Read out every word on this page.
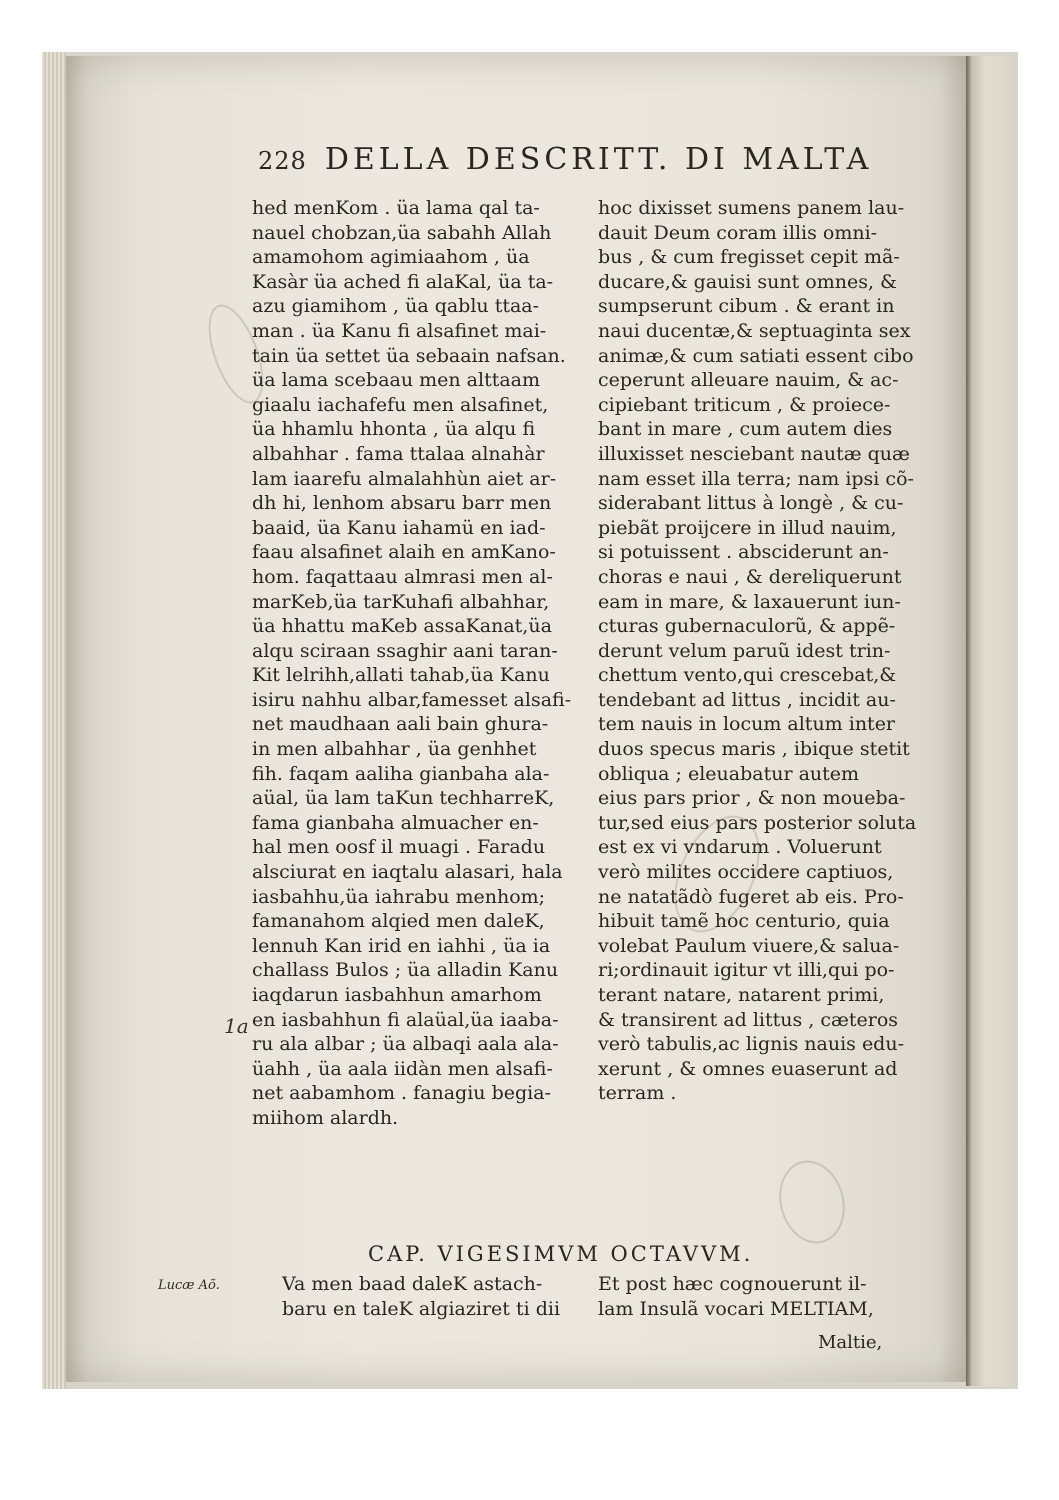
228 DELLA DESCRITT. DI MALTA
hed menKom . üa lama qal ta-
nauel chobzan,üa sabahh Allah
amamohom agimiaahom , üa
Kasàr üa ached fi alaKal, üa ta-
azu giamihom , üa qablu ttaa-
man . üa Kanu fi alsafinet mai-
tain üa settet üa sebaain nafsan.
üa lama scebaau men alttaam
giaalu iachafefu men alsafinet,
üa hhamlu hhonta , üa alqu fi
albahhar . fama ttalaa alnahàr
lam iaarefu almalahhùn aiet ar-
dh hi, lenhom absaru barr men
baaid, üa Kanu iahamü en iad-
faau alsafinet alaih en amKano-
hom. faqattaau almrasi men al-
marKeb,üa tarKuhafi albahhar,
üa hhattu maKeb assaKanat,üa
alqu sciraan ssaghir aani taran-
Kit lelrihh,allati tahab,üa Kanu
isiru nahhu albar,famesset alsafi-
net maudhaan aali bain ghura-
in men albahhar , üa genhhet
fih. faqam aaliha gianbaha ala-
aüal, üa lam taKun techharreK,
fama gianbaha almuacher en-
hal men oosf il muagi . Faradu
alsciurat en iaqtalu alasari, hala
iasbahhu,üa iahrabu menhom;
famanahom alqied men daleK,
lennuh Kan irid en iahhi , üa ia
challass Bulos ; üa alladin Kanu
iaqdarun iasbahhun amarhom
en iasbahhun fi alaüal,üa iaaba-
ru ala albar ; üa albaqi aala ala-
üahh , üa aala iidàn men alsafi-
net aabamhom . fanagiu begia-
miihom alardh.
hoc dixisset sumens panem lau-
dauit Deum coram illis omni-
bus , & cum fregisset cepit mã-
ducare,& gauisi sunt omnes, &
sumpserunt cibum . & erant in
naui ducentæ,& septuaginta sex
animæ,& cum satiati essent cibo
ceperunt alleuare nauim, & ac-
cipiebant triticum , & proiece-
bant in mare , cum autem dies
illuxisset nesciebant nautæ quæ
nam esset illa terra; nam ipsi cõ-
siderabant littus à longè , & cu-
piebãt proijcere in illud nauim,
si potuissent . absciderunt an-
choras e naui , & dereliquerunt
eam in mare, & laxauerunt iun-
cturas gubernaculorũ, & appẽ-
derunt velum paruũ idest trin-
chettum vento,qui crescebat,&
tendebant ad littus , incidit au-
tem nauis in locum altum inter
duos specus maris , ibique stetit
obliqua ; eleuabatur autem
eius pars prior , & non moueba-
tur,sed eius pars posterior soluta
est ex vi vndarum . Voluerunt
verò milites occidere captiuos,
ne natatãdò fugeret ab eis. Pro-
hibuit tamẽ hoc centurio, quia
volebat Paulum viuere,& salua-
ri;ordinauit igitur vt illi,qui po-
terant natare, natarent primi,
& transirent ad littus , cæteros
verò tabulis,ac lignis nauis edu-
xerunt , & omnes euaserunt ad
terram .
1a
CAP. VIGESIMVM OCTAVVM.
Lucæ Aõ.	Va men baad daleK astach-
baru en taleK algiaziret ti dii
Et post hæc cognouerunt il-
lam Insulã vocari MELTIAM,
Maltie,
